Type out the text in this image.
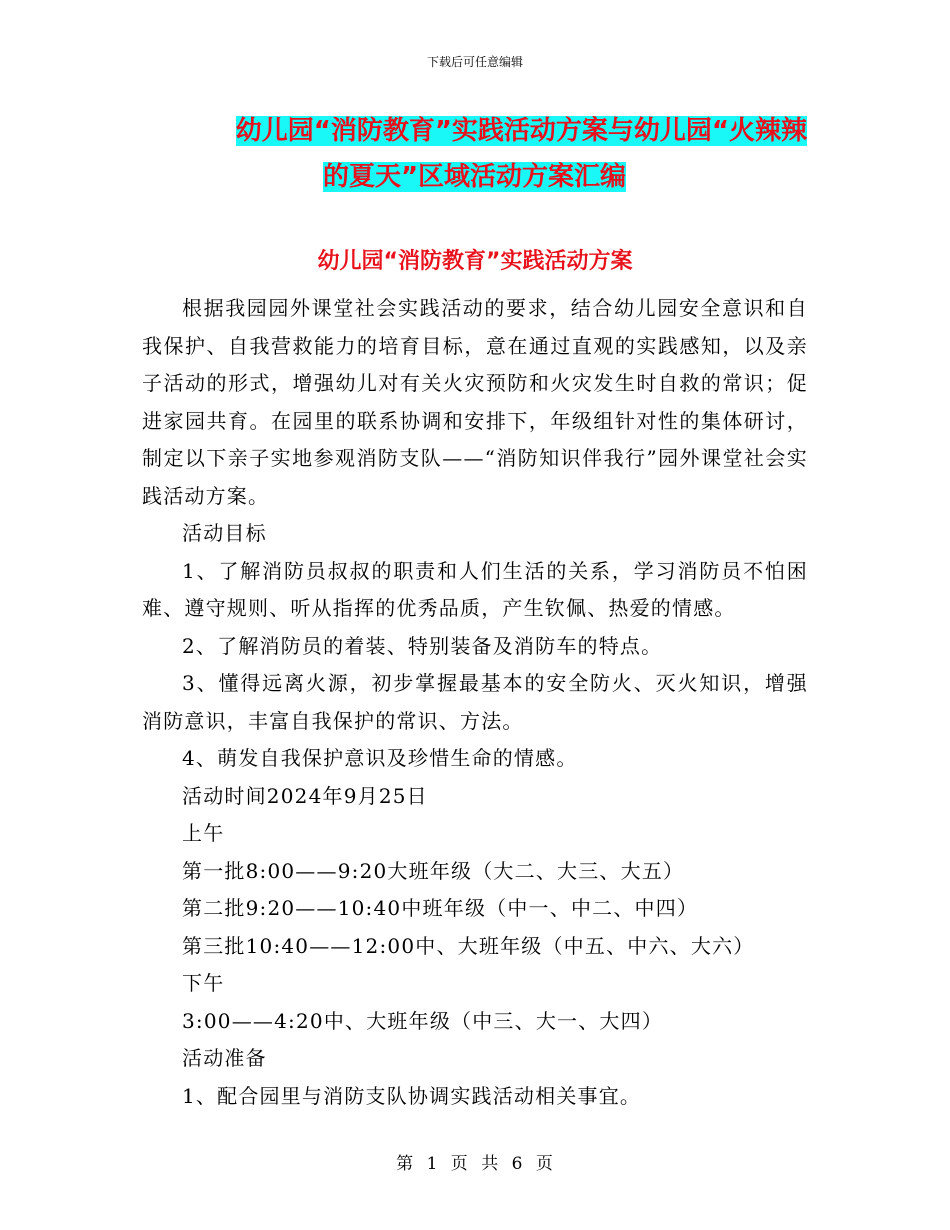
下载后可任意编辑
幼儿园“消防教育”实践活动方案与幼儿园“火辣辣
的夏天”区域活动方案汇编
幼儿园“消防教育”实践活动方案

根据我园园外课堂社会实践活动的要求，结合幼儿园安全意识和自我保护、自我营救能力的培育目标，意在通过直观的实践感知，以及亲子活动的形式，增强幼儿对有关火灾预防和火灾发生时自救的常识；促进家园共育。在园里的联系协调和安排下，年级组针对性的集体研讨，制定以下亲子实地参观消防支队——“消防知识伴我行”园外课堂社会实践活动方案。

活动目标

1、了解消防员叔叔的职责和人们生活的关系，学习消防员不怕困难、遵守规则、听从指挥的优秀品质，产生钦佩、热爱的情感。

2、了解消防员的着装、特别装备及消防车的特点。

3、懂得远离火源，初步掌握最基本的安全防火、灭火知识，增强消防意识，丰富自我保护的常识、方法。

4、萌发自我保护意识及珍惜生命的情感。

活动时间2024年9月25日

上午

第一批8:00——9:20大班年级（大二、大三、大五）

第二批9:20——10:40中班年级（中一、中二、中四）

第三批10:40——12:00中、大班年级（中五、中六、大六）

下午

3:00——4:20中、大班年级（中三、大一、大四）

活动准备

1、配合园里与消防支队协调实践活动相关事宜。

第 1 页 共 6 页
